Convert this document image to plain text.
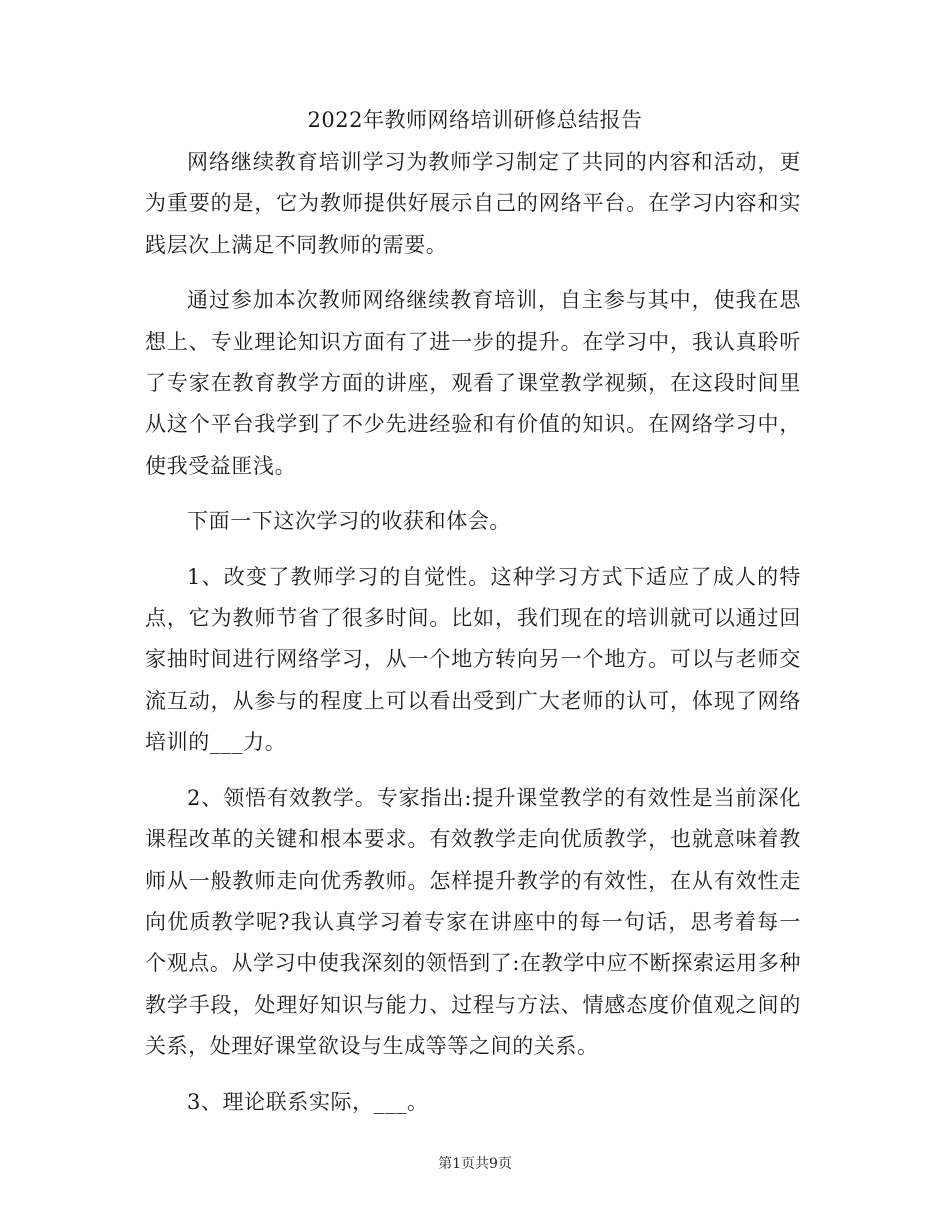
2022年教师网络培训研修总结报告

网络继续教育培训学习为教师学习制定了共同的内容和活动，更为重要的是，它为教师提供好展示自己的网络平台。在学习内容和实践层次上满足不同教师的需要。

通过参加本次教师网络继续教育培训，自主参与其中，使我在思想上、专业理论知识方面有了进一步的提升。在学习中，我认真聆听了专家在教育教学方面的讲座，观看了课堂教学视频，在这段时间里从这个平台我学到了不少先进经验和有价值的知识。在网络学习中，使我受益匪浅。

下面一下这次学习的收获和体会。

1、改变了教师学习的自觉性。这种学习方式下适应了成人的特点，它为教师节省了很多时间。比如，我们现在的培训就可以通过回家抽时间进行网络学习，从一个地方转向另一个地方。可以与老师交流互动，从参与的程度上可以看出受到广大老师的认可，体现了网络培训的___力。

2、领悟有效教学。专家指出:提升课堂教学的有效性是当前深化课程改革的关键和根本要求。有效教学走向优质教学，也就意味着教师从一般教师走向优秀教师。怎样提升教学的有效性，在从有效性走向优质教学呢?我认真学习着专家在讲座中的每一句话，思考着每一个观点。从学习中使我深刻的领悟到了:在教学中应不断探索运用多种教学手段，处理好知识与能力、过程与方法、情感态度价值观之间的关系，处理好课堂欲设与生成等等之间的关系。

3、理论联系实际，___。

第1页共9页
